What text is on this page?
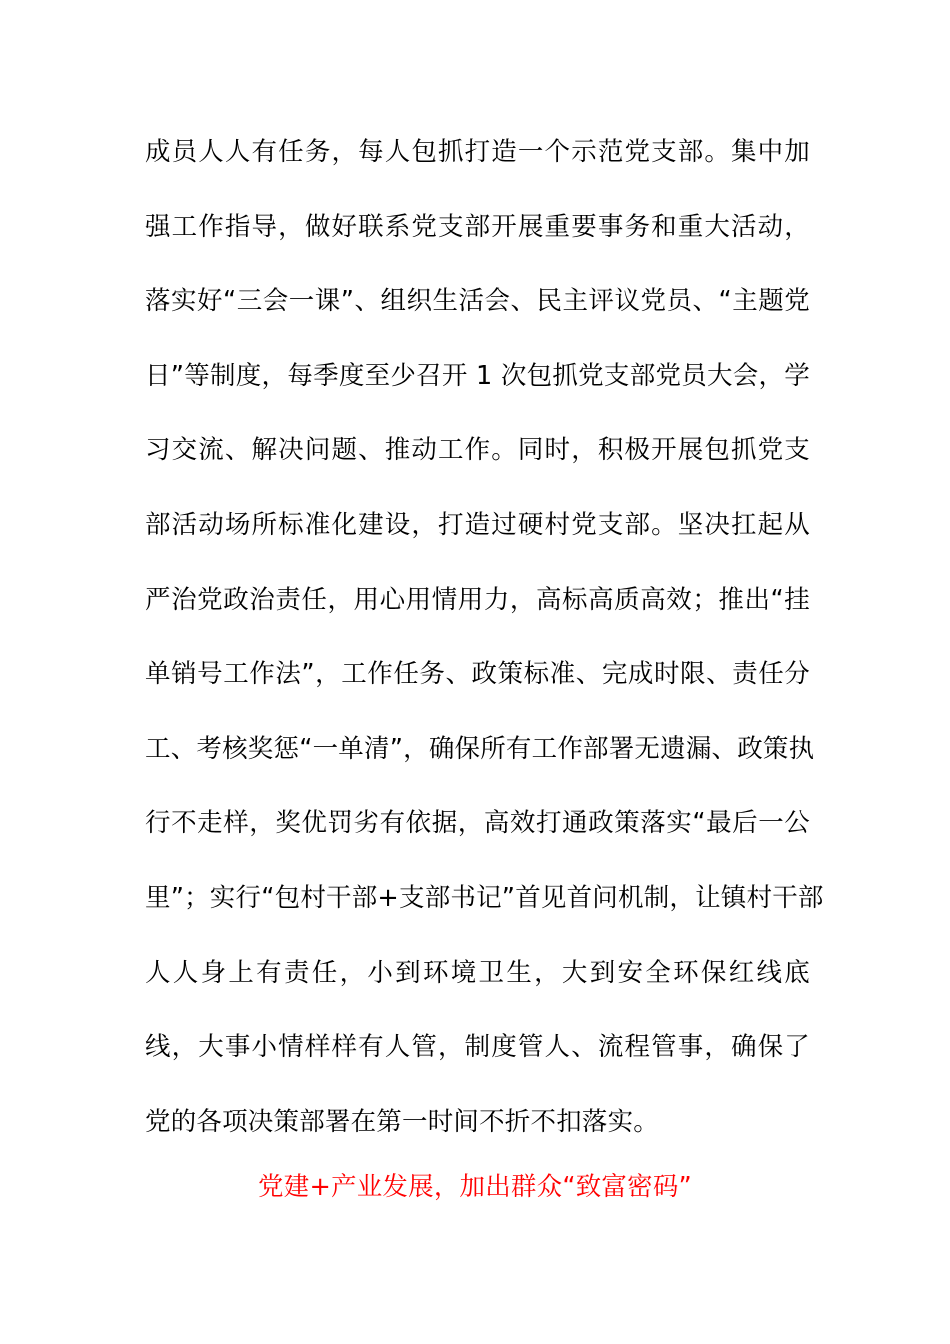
成员人人有任务，每人包抓打造一个示范党支部。集中加
强工作指导，做好联系党支部开展重要事务和重大活动，
落实好“三会一课”、组织生活会、民主评议党员、“主题党
日”等制度，每季度至少召开 1 次包抓党支部党员大会，学
习交流、解决问题、推动工作。同时，积极开展包抓党支
部活动场所标准化建设，打造过硬村党支部。坚决扛起从
严治党政治责任，用心用情用力，高标高质高效；推出“挂
单销号工作法”，工作任务、政策标准、完成时限、责任分
工、考核奖惩“一单清”，确保所有工作部署无遗漏、政策执
行不走样，奖优罚劣有依据，高效打通政策落实“最后一公
里”；实行“包村干部+支部书记”首见首问机制，让镇村干部
人人身上有责任，小到环境卫生，大到安全环保红线底
线，大事小情样样有人管，制度管人、流程管事，确保了
党的各项决策部署在第一时间不折不扣落实。
党建+产业发展，加出群众“致富密码”
